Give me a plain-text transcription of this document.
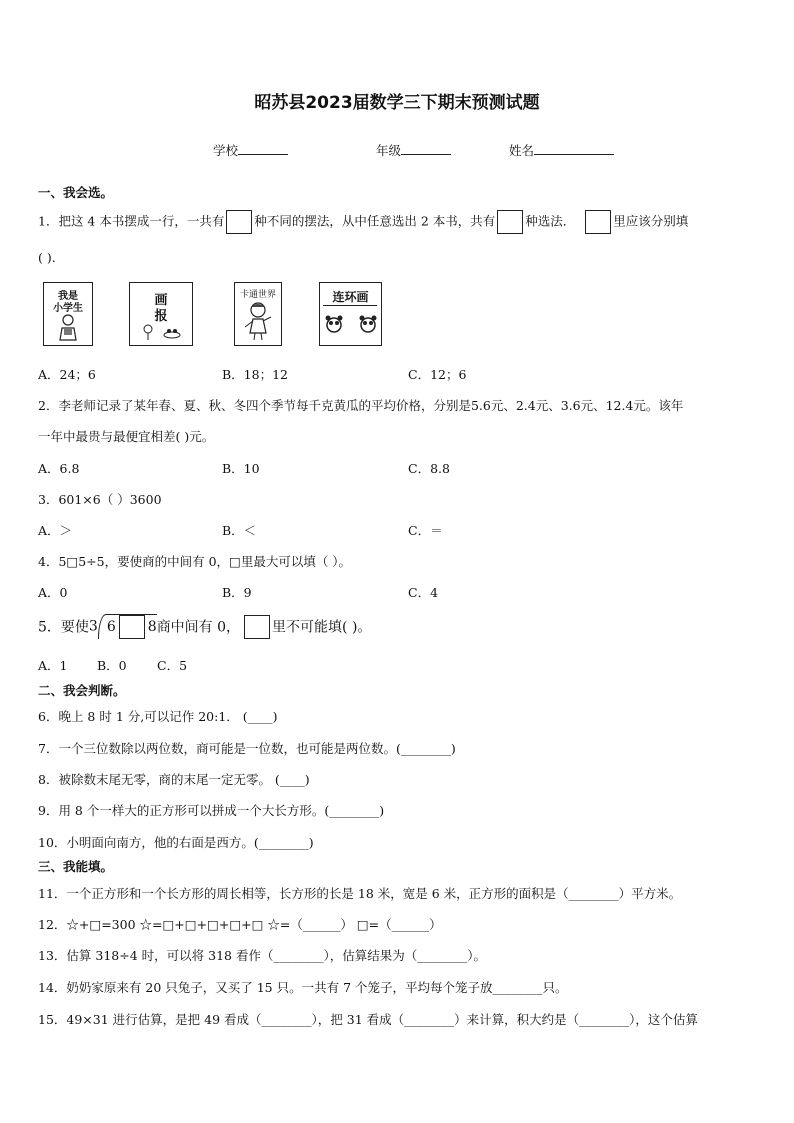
昭苏县2023届数学三下期末预测试题
学校	年级	姓名
一、我会选。
1．把这 4 本书摆成一行，一共有 种不同的摆法，从中任意选出 2 本书，共有 种选法．	里应该分别填
( ).
我是
小学生
画
报
卡通世界	连环画
A．24；6	B．18；12	C．12；6
2．李老师记录了某年春、夏、秋、冬四个季节每千克黄瓜的平均价格，分别是5.6元、2.4元、3.6元、12.4元。该年
一年中最贵与最便宜相差( )元。
A．6.8	B．10	C．8.8
3．601×6（ ）3600
A．＞	B．＜	C．＝
4．5□5÷5，要使商的中间有 0，□里最大可以填（ ）。
A．0	B．9	C．4
5．要使3 6 8商中间有 0， 里不可能填( )。
A．1 B．0 C．5
二、我会判断。
6．晚上 8 时 1 分,可以记作 20:1． (____)
7．一个三位数除以两位数，商可能是一位数，也可能是两位数。(________)
8．被除数末尾无零，商的末尾一定无零。 (____)
9．用 8 个一样大的正方形可以拼成一个大长方形。(________)
10．小明面向南方，他的右面是西方。(________)
三、我能填。
11．一个正方形和一个长方形的周长相等，长方形的长是 18 米，宽是 6 米，正方形的面积是（________）平方米。
12．☆+□=300 ☆=□+□+□+□+□ ☆=（______） □=（______）
13．估算 318÷4 时，可以将 318 看作（________），估算结果为（________）。
14．奶奶家原来有 20 只兔子，又买了 15 只。一共有 7 个笼子，平均每个笼子放________只。
15．49×31 进行估算，是把 49 看成（________），把 31 看成（________）来计算，积大约是（________），这个估算
